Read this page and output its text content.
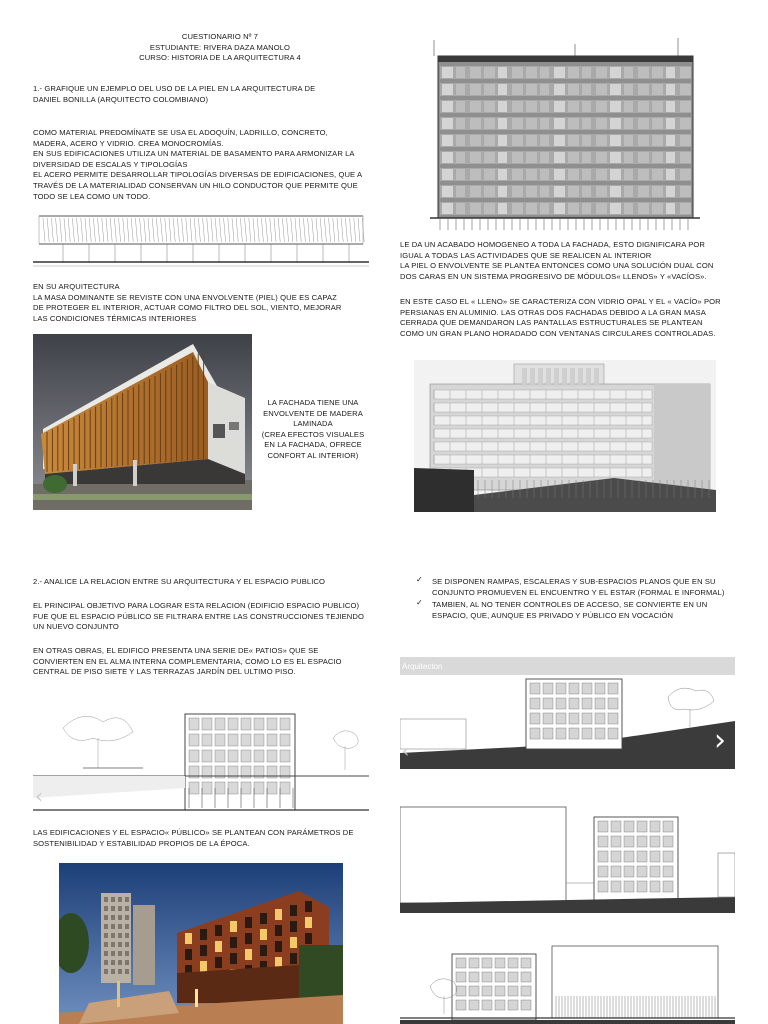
CUESTIONARIO Nº 7
ESTUDIANTE: RIVERA DAZA MANOLO
CURSO: HISTORIA DE LA ARQUITECTURA 4
1.- GRAFIQUE UN EJEMPLO DEL USO DE LA PIEL EN LA ARQUITECTURA DE
DANIEL BONILLA (ARQUITECTO COLOMBIANO)
COMO MATERIAL PREDOMÍNATE SE USA EL ADOQUÍN, LADRILLO, CONCRETO,
MADERA, ACERO Y VIDRIO. CREA MONOCROMÍAS.
EN SUS EDIFICACIONES UTILIZA UN MATERIAL DE BASAMENTO PARA ARMONIZAR LA
DIVERSIDAD DE ESCALAS Y TIPOLOGÍAS
EL ACERO PERMITE DESARROLLAR TIPOLOGÍAS DIVERSAS DE EDIFICACIONES, QUE A
TRAVÉS DE LA MATERIALIDAD CONSERVAN UN HILO CONDUCTOR QUE PERMITE QUE
TODO SE LEA COMO UN TODO.
EN SU ARQUITECTURA
LA MASA DOMINANTE SE REVISTE CON UNA ENVOLVENTE (PIEL) QUE ES CAPAZ
DE PROTEGER EL INTERIOR, ACTUAR COMO FILTRO DEL SOL, VIENTO, MEJORAR
LAS CONDICIONES TÉRMICAS INTERIORES
LA FACHADA TIENE UNA
ENVOLVENTE DE MADERA
LAMINADA
(CREA EFECTOS VISUALES
EN LA FACHADA, OFRECE
CONFORT AL INTERIOR)
LE DA UN ACABADO HOMOGENEO A TODA LA FACHADA, ESTO DIGNIFICARA POR
IGUAL A TODAS LAS ACTIVIDADES QUE SE REALICEN AL INTERIOR
LA PIEL O ENVOLVENTE SE PLANTEA ENTONCES COMO UNA SOLUCIÓN DUAL CON
DOS CARAS EN UN SISTEMA PROGRESIVO DE MÓDULOS« LLENOS» Y «VACÍOS».
EN ESTE CASO EL « LLENO» SE CARACTERIZA CON VIDRIO OPAL Y EL « VACÍO» POR
PERSIANAS EN ALUMINIO. LAS OTRAS DOS FACHADAS DEBIDO A LA GRAN MASA
CERRADA QUE DEMANDARON LAS PANTALLAS ESTRUCTURALES SE PLANTEAN
COMO UN GRAN PLANO HORADADO CON VENTANAS CIRCULARES CONTROLADAS.
2.- ANALICE LA RELACION ENTRE SU ARQUITECTURA Y EL ESPACIO PUBLICO
EL PRINCIPAL OBJETIVO PARA LOGRAR ESTA RELACION (EDIFICIO ESPACIO PUBLICO)
FUE QUE EL ESPACIO PÚBLICO SE FILTRARA ENTRE LAS CONSTRUCCIONES TEJIENDO
UN NUEVO CONJUNTO
EN OTRAS OBRAS, EL EDIFICO PRESENTA UNA SERIE DE« PATIOS» QUE SE
CONVIERTEN EN EL ALMA INTERNA COMPLEMENTARIA, COMO LO ES EL ESPACIO
CENTRAL DE PISO SIETE Y LAS TERRAZAS JARDÍN DEL ULTIMO PISO.
‹
LAS EDIFICACIONES Y EL ESPACIO« PÚBLICO» SE PLANTEAN CON PARÁMETROS DE
SOSTENIBILIDAD Y ESTABILIDAD PROPIOS DE LA ÉPOCA.
✓ SE DISPONEN RAMPAS, ESCALERAS Y SUB-ESPACIOS PLANOS QUE EN SU
CONJUNTO PROMUEVEN EL ENCUENTRO Y EL ESTAR (FORMAL E INFORMAL)
✓ TAMBIEN, AL NO TENER CONTROLES DE ACCESO, SE CONVIERTE EN UN
ESPACIO, QUE, AUNQUE ES PRIVADO Y PÚBLICO EN VOCACIÓN
Arquitecton
‹	›
